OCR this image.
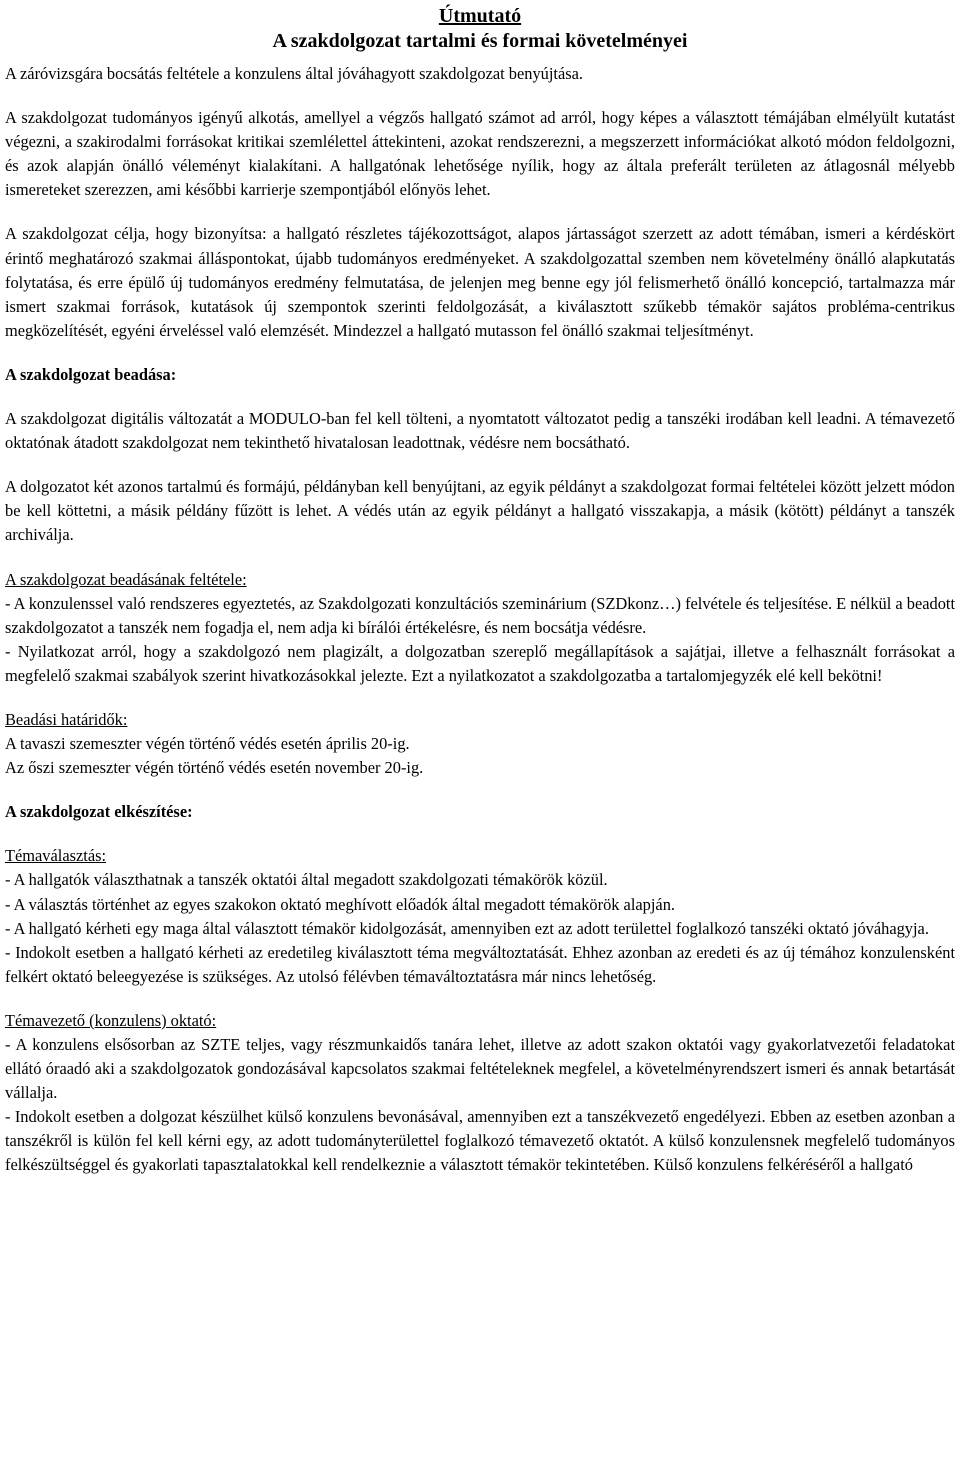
Útmutató
A szakdolgozat tartalmi és formai követelményei

A záróvizsgára bocsátás feltétele a konzulens által jóváhagyott szakdolgozat benyújtása.

A szakdolgozat tudományos igényű alkotás, amellyel a végzős hallgató számot ad arról, hogy képes a választott témájában elmélyült kutatást végezni, a szakirodalmi forrásokat kritikai szemlélettel áttekinteni, azokat rendszerezni, a megszerzett információkat alkotó módon feldolgozni, és azok alapján önálló véleményt kialakítani. A hallgatónak lehetősége nyílik, hogy az általa preferált területen az átlagosnál mélyebb ismereteket szerezzen, ami későbbi karrierje szempontjából előnyös lehet.

A szakdolgozat célja, hogy bizonyítsa: a hallgató részletes tájékozottságot, alapos jártasságot szerzett az adott témában, ismeri a kérdéskört érintő meghatározó szakmai álláspontokat, újabb tudományos eredményeket. A szakdolgozattal szemben nem követelmény önálló alapkutatás folytatása, és erre épülő új tudományos eredmény felmutatása, de jelenjen meg benne egy jól felismerhető önálló koncepció, tartalmazza már ismert szakmai források, kutatások új szempontok szerinti feldolgozását, a kiválasztott szűkebb témakör sajátos probléma-centrikus megközelítését, egyéni érveléssel való elemzését. Mindezzel a hallgató mutasson fel önálló szakmai teljesítményt.

A szakdolgozat beadása:

A szakdolgozat digitális változatát a MODULO-ban fel kell tölteni, a nyomtatott változatot pedig a tanszéki irodában kell leadni. A témavezető oktatónak átadott szakdolgozat nem tekinthető hivatalosan leadottnak, védésre nem bocsátható.

A dolgozatot két azonos tartalmú és formájú, példányban kell benyújtani, az egyik példányt a szakdolgozat formai feltételei között jelzett módon be kell köttetni, a másik példány fűzött is lehet. A védés után az egyik példányt a hallgató visszakapja, a másik (kötött) példányt a tanszék archiválja.

A szakdolgozat beadásának feltétele:

- A konzulenssel való rendszeres egyeztetés, az Szakdolgozati konzultációs szeminárium (SZDkonz…) felvétele és teljesítése. E nélkül a beadott szakdolgozatot a tanszék nem fogadja el, nem adja ki bírálói értékelésre, és nem bocsátja védésre.

- Nyilatkozat arról, hogy a szakdolgozó nem plagizált, a dolgozatban szereplő megállapítások a sajátjai, illetve a felhasznált forrásokat a megfelelő szakmai szabályok szerint hivatkozásokkal jelezte. Ezt a nyilatkozatot a szakdolgozatba a tartalomjegyzék elé kell bekötni!

Beadási határidők:

A tavaszi szemeszter végén történő védés esetén április 20-ig.

Az őszi szemeszter végén történő védés esetén november 20-ig.

A szakdolgozat elkészítése:

Témaválasztás:

- A hallgatók választhatnak a tanszék oktatói által megadott szakdolgozati témakörök közül.

- A választás történhet az egyes szakokon oktató meghívott előadók által megadott témakörök alapján.

- A hallgató kérheti egy maga által választott témakör kidolgozását, amennyiben ezt az adott területtel foglalkozó tanszéki oktató jóváhagyja.

- Indokolt esetben a hallgató kérheti az eredetileg kiválasztott téma megváltoztatását. Ehhez azonban az eredeti és az új témához konzulensként felkért oktató beleegyezése is szükséges. Az utolsó félévben témaváltoztatásra már nincs lehetőség.

Témavezető (konzulens) oktató:

- A konzulens elsősorban az SZTE teljes, vagy részmunkaidős tanára lehet, illetve az adott szakon oktatói vagy gyakorlatvezetői feladatokat ellátó óraadó aki a szakdolgozatok gondozásával kapcsolatos szakmai feltételeknek megfelel, a követelményrendszert ismeri és annak betartását vállalja.

- Indokolt esetben a dolgozat készülhet külső konzulens bevonásával, amennyiben ezt a tanszékvezető engedélyezi. Ebben az esetben azonban a tanszékről is külön fel kell kérni egy, az adott tudományterülettel foglalkozó témavezető oktatót. A külső konzulensnek megfelelő tudományos felkészültséggel és gyakorlati tapasztalatokkal kell rendelkeznie a választott témakör tekintetében. Külső konzulens felkéréséről a hallgató
